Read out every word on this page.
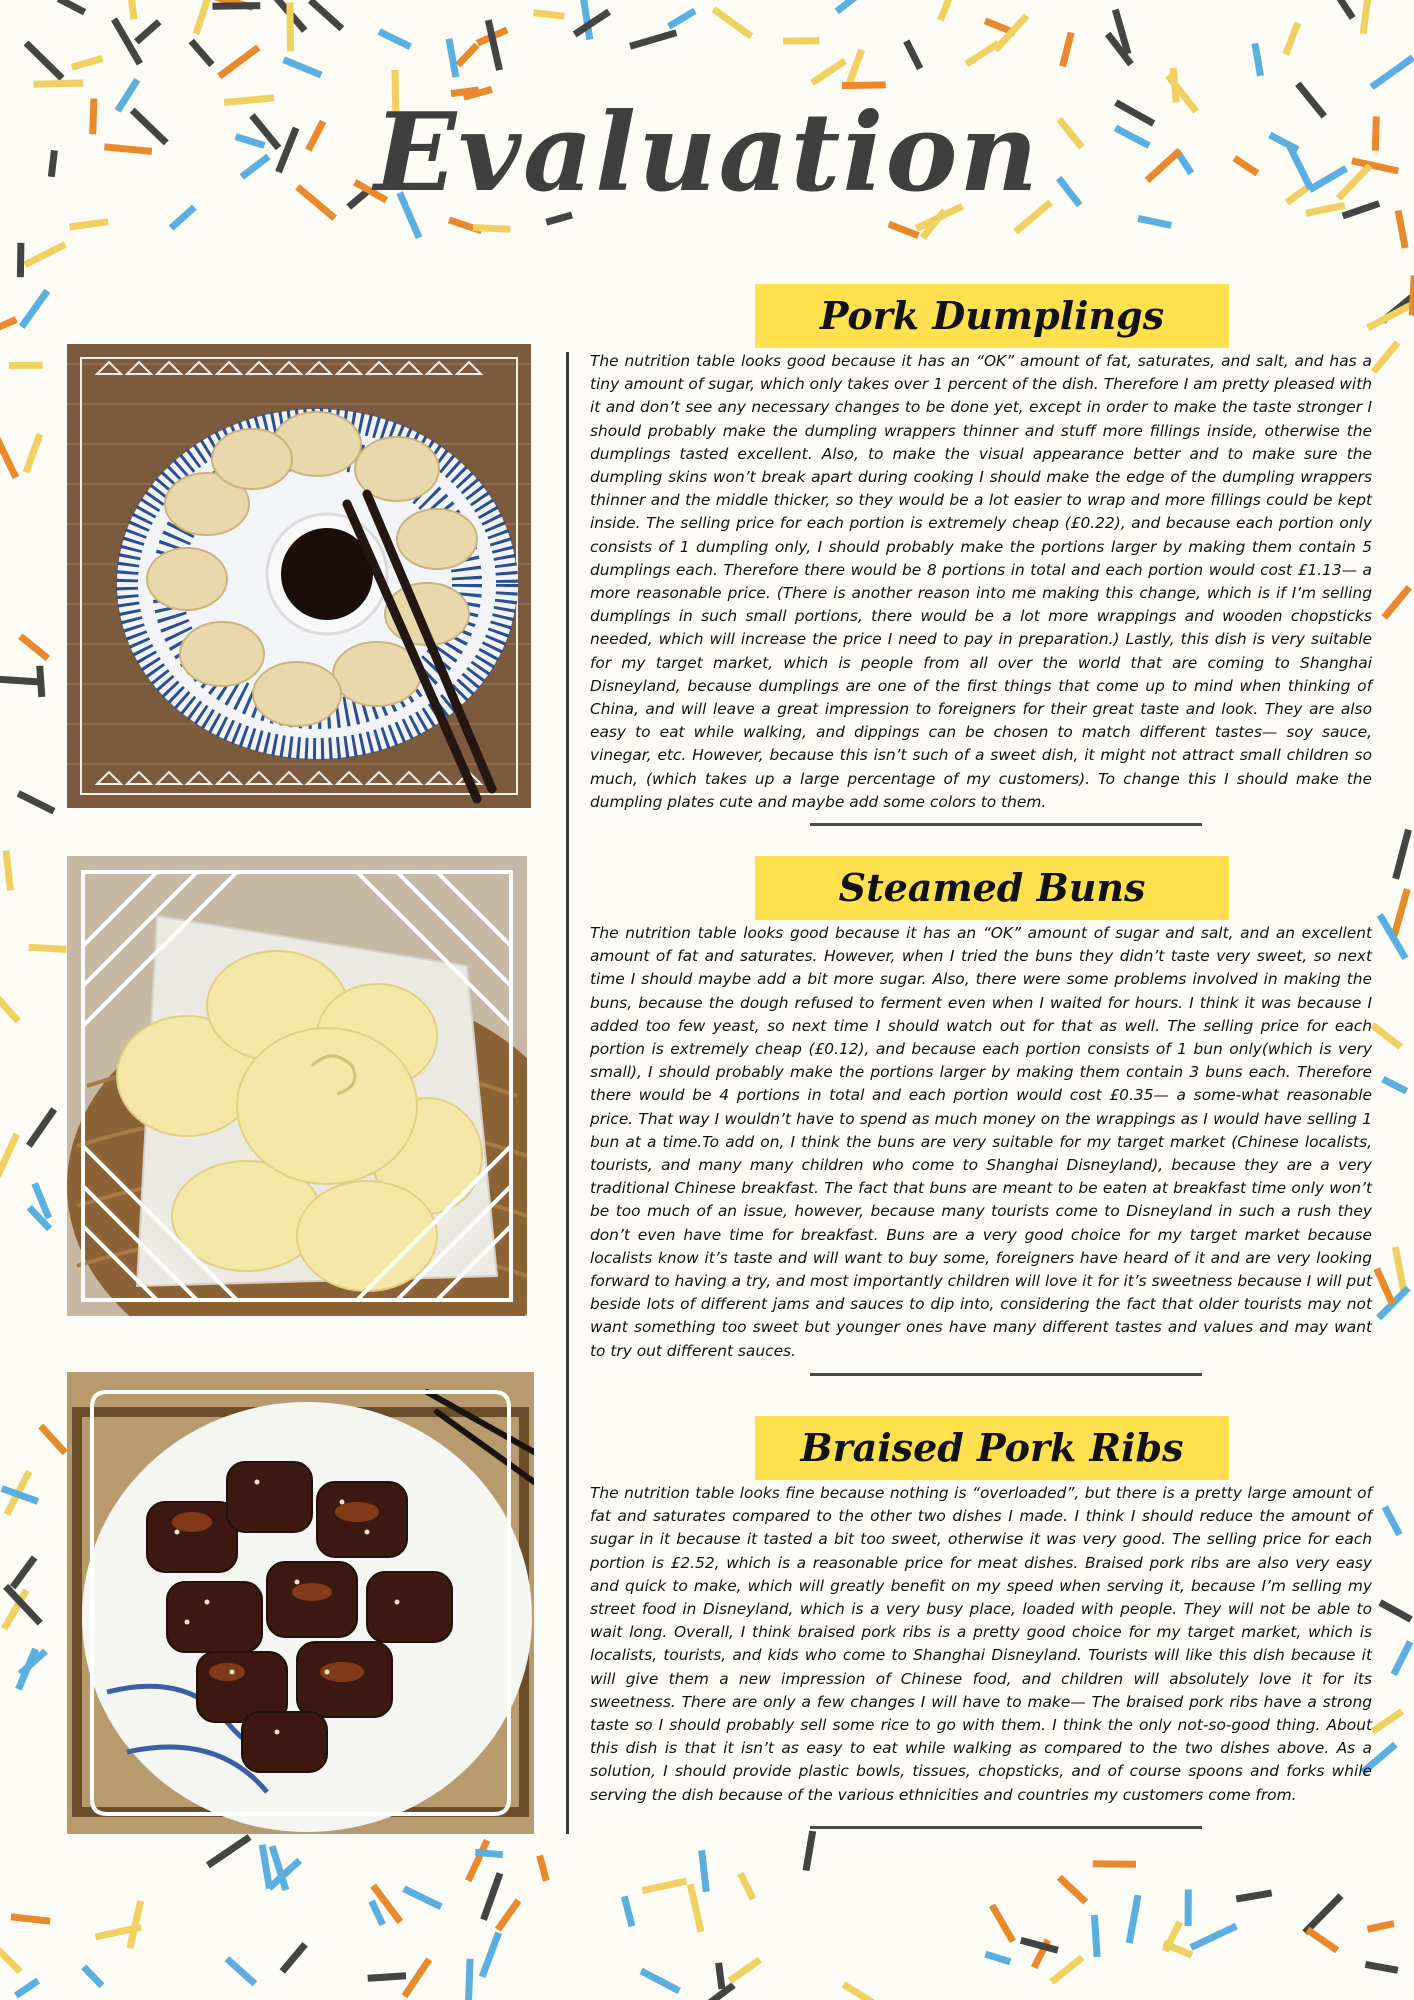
Evaluation
Pork Dumplings

The nutrition table looks good because it has an “OK” amount of fat, saturates, and salt, and has a tiny amount of sugar, which only takes over 1 percent of the dish. Therefore I am pretty pleased with it and don’t see any necessary changes to be done yet, except in order to make the taste stronger I should probably make the dumpling wrappers thinner and stuff more fillings inside, otherwise the dumplings tasted excellent. Also, to make the visual appearance better and to make sure the dumpling skins won’t break apart during cooking I should make the edge of the dumpling wrappers thinner and the middle thicker, so they would be a lot easier to wrap and more fillings could be kept inside. The selling price for each portion is extremely cheap (£0.22), and because each portion only consists of 1 dumpling only, I should probably make the portions larger by making them contain 5 dumplings each. Therefore there would be 8 portions in total and each portion would cost £1.13— a more reasonable price. (There is another reason into me making this change, which is if I’m selling dumplings in such small portions, there would be a lot more wrappings and wooden chopsticks needed, which will increase the price I need to pay in preparation.) Lastly, this dish is very suitable for my target market, which is people from all over the world that are coming to Shanghai Disneyland, because dumplings are one of the first things that come up to mind when thinking of China, and will leave a great impression to foreigners for their great taste and look. They are also easy to eat while walking, and dippings can be chosen to match different tastes— soy sauce, vinegar, etc. However, because this isn’t such of a sweet dish, it might not attract small children so much, (which takes up a large percentage of my customers). To change this I should make the dumpling plates cute and maybe add some colors to them.

Steamed Buns

The nutrition table looks good because it has an “OK” amount of sugar and salt, and an excellent amount of fat and saturates. However, when I tried the buns they didn’t taste very sweet, so next time I should maybe add a bit more sugar. Also, there were some problems involved in making the buns, because the dough refused to ferment even when I waited for hours. I think it was because I added too few yeast, so next time I should watch out for that as well. The selling price for each portion is extremely cheap (£0.12), and because each portion consists of 1 bun only(which is very small), I should probably make the portions larger by making them contain 3 buns each. Therefore there would be 4 portions in total and each portion would cost £0.35— a some-what reasonable price. That way I wouldn’t have to spend as much money on the wrappings as I would have selling 1 bun at a time.To add on, I think the buns are very suitable for my target market (Chinese localists, tourists, and many many children who come to Shanghai Disneyland), because they are a very traditional Chinese breakfast. The fact that buns are meant to be eaten at breakfast time only won’t be too much of an issue, however, because many tourists come to Disneyland in such a rush they don’t even have time for breakfast. Buns are a very good choice for my target market because localists know it’s taste and will want to buy some, foreigners have heard of it and are very looking forward to having a try, and most importantly children will love it for it’s sweetness because I will put beside lots of different jams and sauces to dip into, considering the fact that older tourists may not want something too sweet but younger ones have many different tastes and values and may want to try out different sauces.

Braised Pork Ribs

The nutrition table looks fine because nothing is “overloaded”, but there is a pretty large amount of fat and saturates compared to the other two dishes I made. I think I should reduce the amount of sugar in it because it tasted a bit too sweet, otherwise it was very good. The selling price for each portion is £2.52, which is a reasonable price for meat dishes. Braised pork ribs are also very easy and quick to make, which will greatly benefit on my speed when serving it, because I’m selling my street food in Disneyland, which is a very busy place, loaded with people. They will not be able to wait long. Overall, I think braised pork ribs is a pretty good choice for my target market, which is localists, tourists, and kids who come to Shanghai Disneyland. Tourists will like this dish because it will give them a new impression of Chinese food, and children will absolutely love it for its sweetness. There are only a few changes I will have to make— The braised pork ribs have a strong taste so I should probably sell some rice to go with them. I think the only not-so-good thing. About this dish is that it isn’t as easy to eat while walking as compared to the two dishes above. As a solution, I should provide plastic bowls, tissues, chopsticks, and of course spoons and forks while serving the dish because of the various ethnicities and countries my customers come from.
